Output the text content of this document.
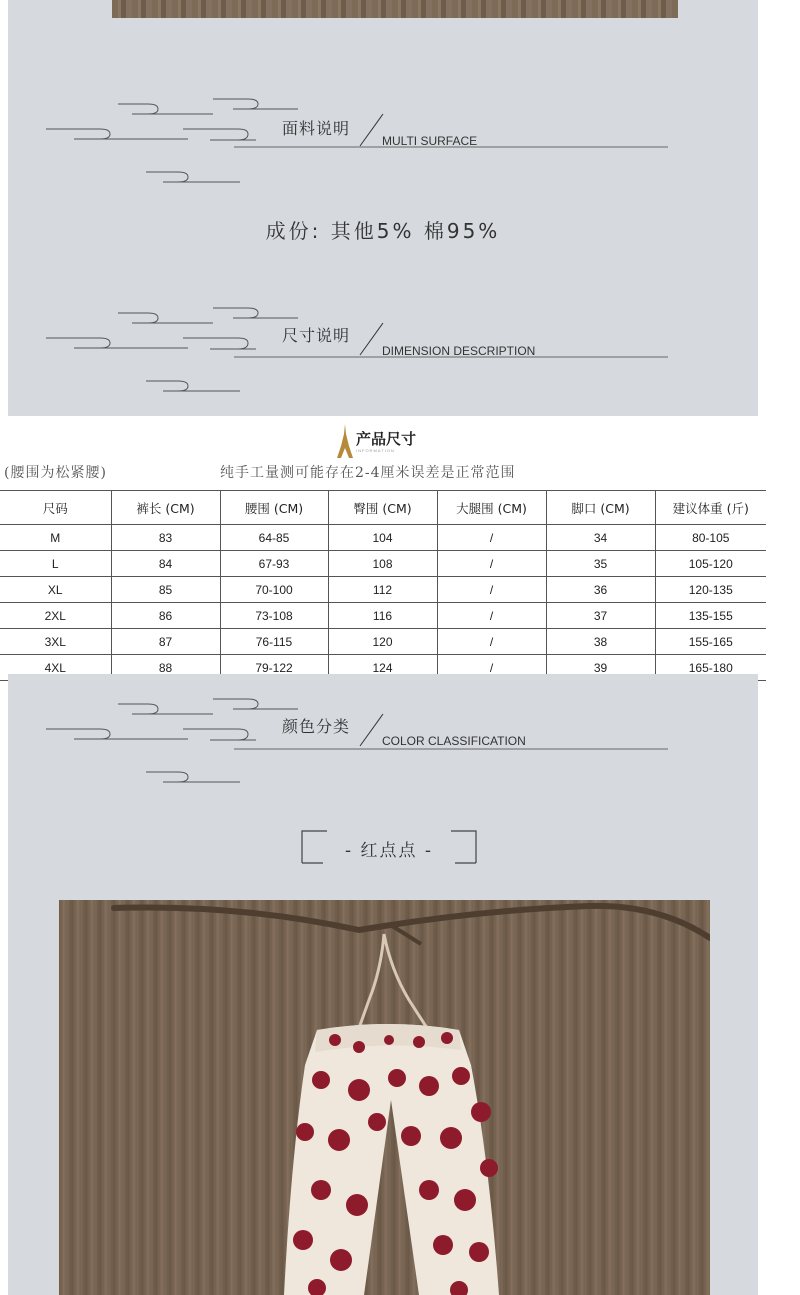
面料说明
MULTI SURFACE
成份: 其他5% 棉95%
尺寸说明
DIMENSION DESCRIPTION
产品尺寸
INFORMATION
(腰围为松紧腰)	纯手工量测可能存在2-4厘米误差是正常范围
尺码	裤长 (CM)	腰围 (CM)	臀围 (CM)	大腿围 (CM)	脚口 (CM)	建议体重 (斤)
M	83	64-85	104	/	34	80-105
L	84	67-93	108	/	35	105-120
XL	85	70-100	112	/	36	120-135
2XL	86	73-108	116	/	37	135-155
3XL	87	76-115	120	/	38	155-165
4XL	88	79-122	124	/	39	165-180
颜色分类
COLOR CLASSIFICATION
- 红点点 -
